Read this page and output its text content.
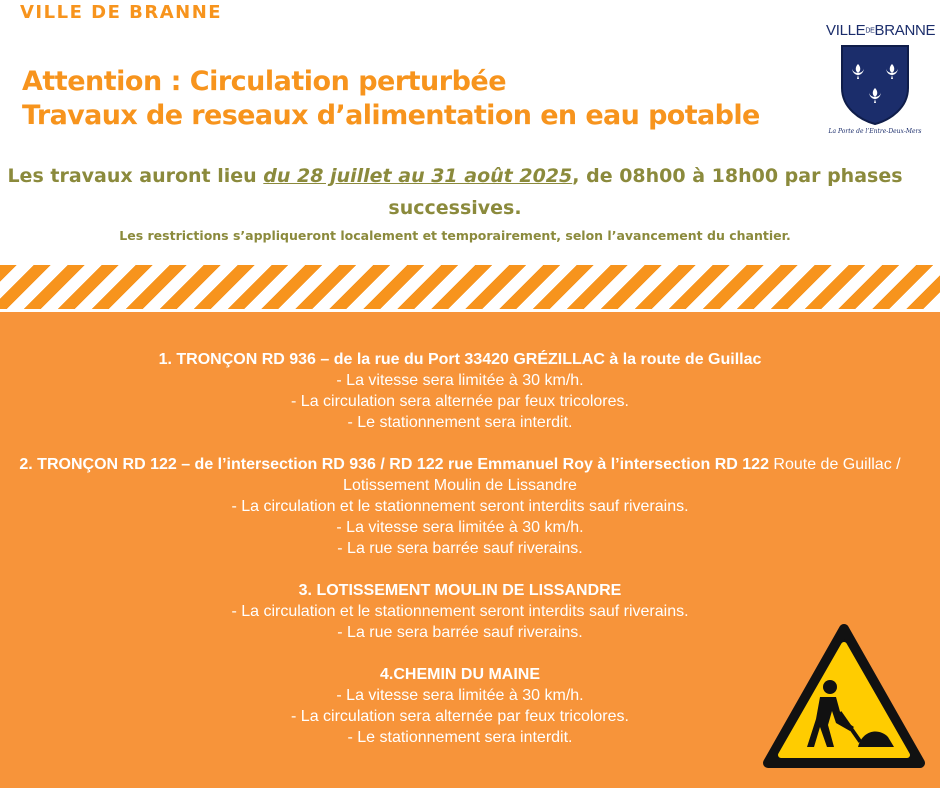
VILLE DE BRANNE
VILLEDEBRANNE
La Porte de l’Entre-Deux-Mers
Attention : Circulation perturbée
Travaux de reseaux d’alimentation en eau potable
Les travaux auront lieu du 28 juillet au 31 août 2025, de 08h00 à 18h00 par phases successives.
Les restrictions s’appliqueront localement et temporairement, selon l’avancement du chantier.
1. TRONÇON RD 936 – de la rue du Port 33420 GRÉZILLAC à la route de Guillac
- La vitesse sera limitée à 30 km/h.
- La circulation sera alternée par feux tricolores.
- Le stationnement sera interdit.
2. TRONÇON RD 122 – de l’intersection RD 936 / RD 122 rue Emmanuel Roy à l’intersection RD 122 Route de Guillac / Lotissement Moulin de Lissandre
- La circulation et le stationnement seront interdits sauf riverains.
- La vitesse sera limitée à 30 km/h.
- La rue sera barrée sauf riverains.
3. LOTISSEMENT MOULIN DE LISSANDRE
- La circulation et le stationnement seront interdits sauf riverains.
- La rue sera barrée sauf riverains.
4.CHEMIN DU MAINE
- La vitesse sera limitée à 30 km/h.
- La circulation sera alternée par feux tricolores.
- Le stationnement sera interdit.
